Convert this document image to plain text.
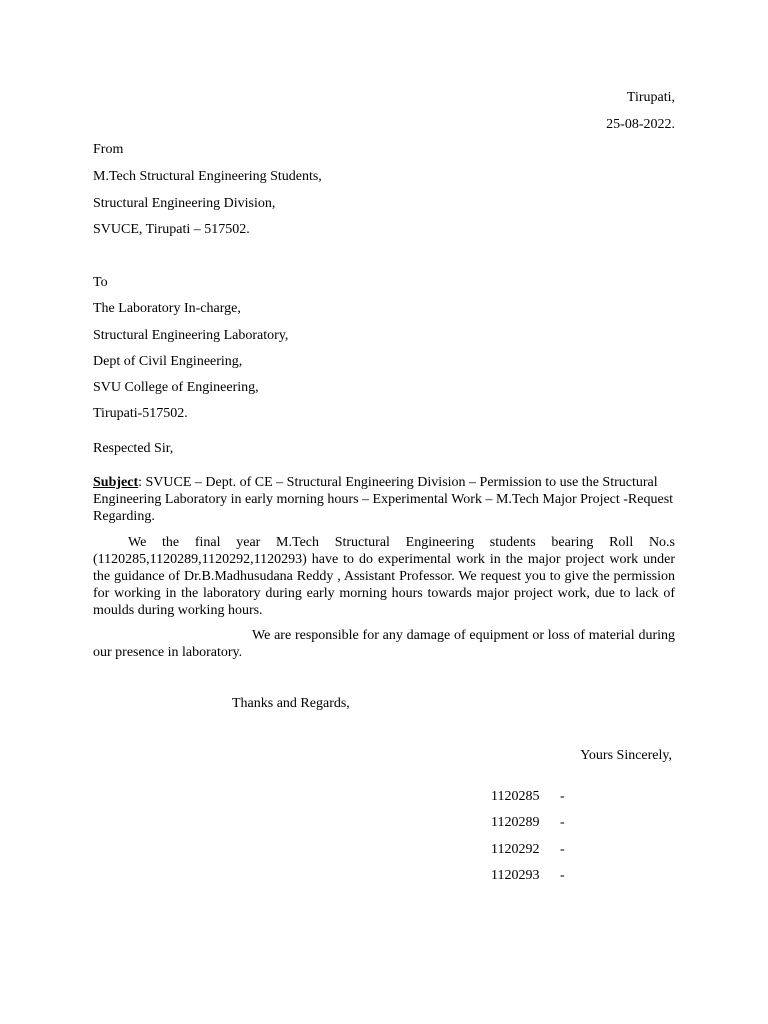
Tirupati,
25-08-2022.
From
M.Tech Structural Engineering Students,
Structural Engineering Division,
SVUCE, Tirupati – 517502.
To
The Laboratory In-charge,
Structural Engineering Laboratory,
Dept of Civil Engineering,
SVU College of Engineering,
Tirupati-517502.
Respected Sir,
Subject: SVUCE – Dept. of CE – Structural Engineering Division – Permission to use the Structural Engineering Laboratory in early morning hours – Experimental Work – M.Tech Major Project -Request Regarding.
We the final year M.Tech Structural Engineering students bearing Roll No.s (1120285,1120289,1120292,1120293) have to do experimental work in the major project work under the guidance of Dr.B.Madhusudana Reddy , Assistant Professor. We request you to give the permission for working in the laboratory during early morning hours towards major project work, due to lack of moulds during working hours.
We are responsible for any damage of equipment or loss of material during our presence in laboratory.
Thanks and Regards,
Yours Sincerely,
1120285 -
1120289 -
1120292 -
1120293 -
